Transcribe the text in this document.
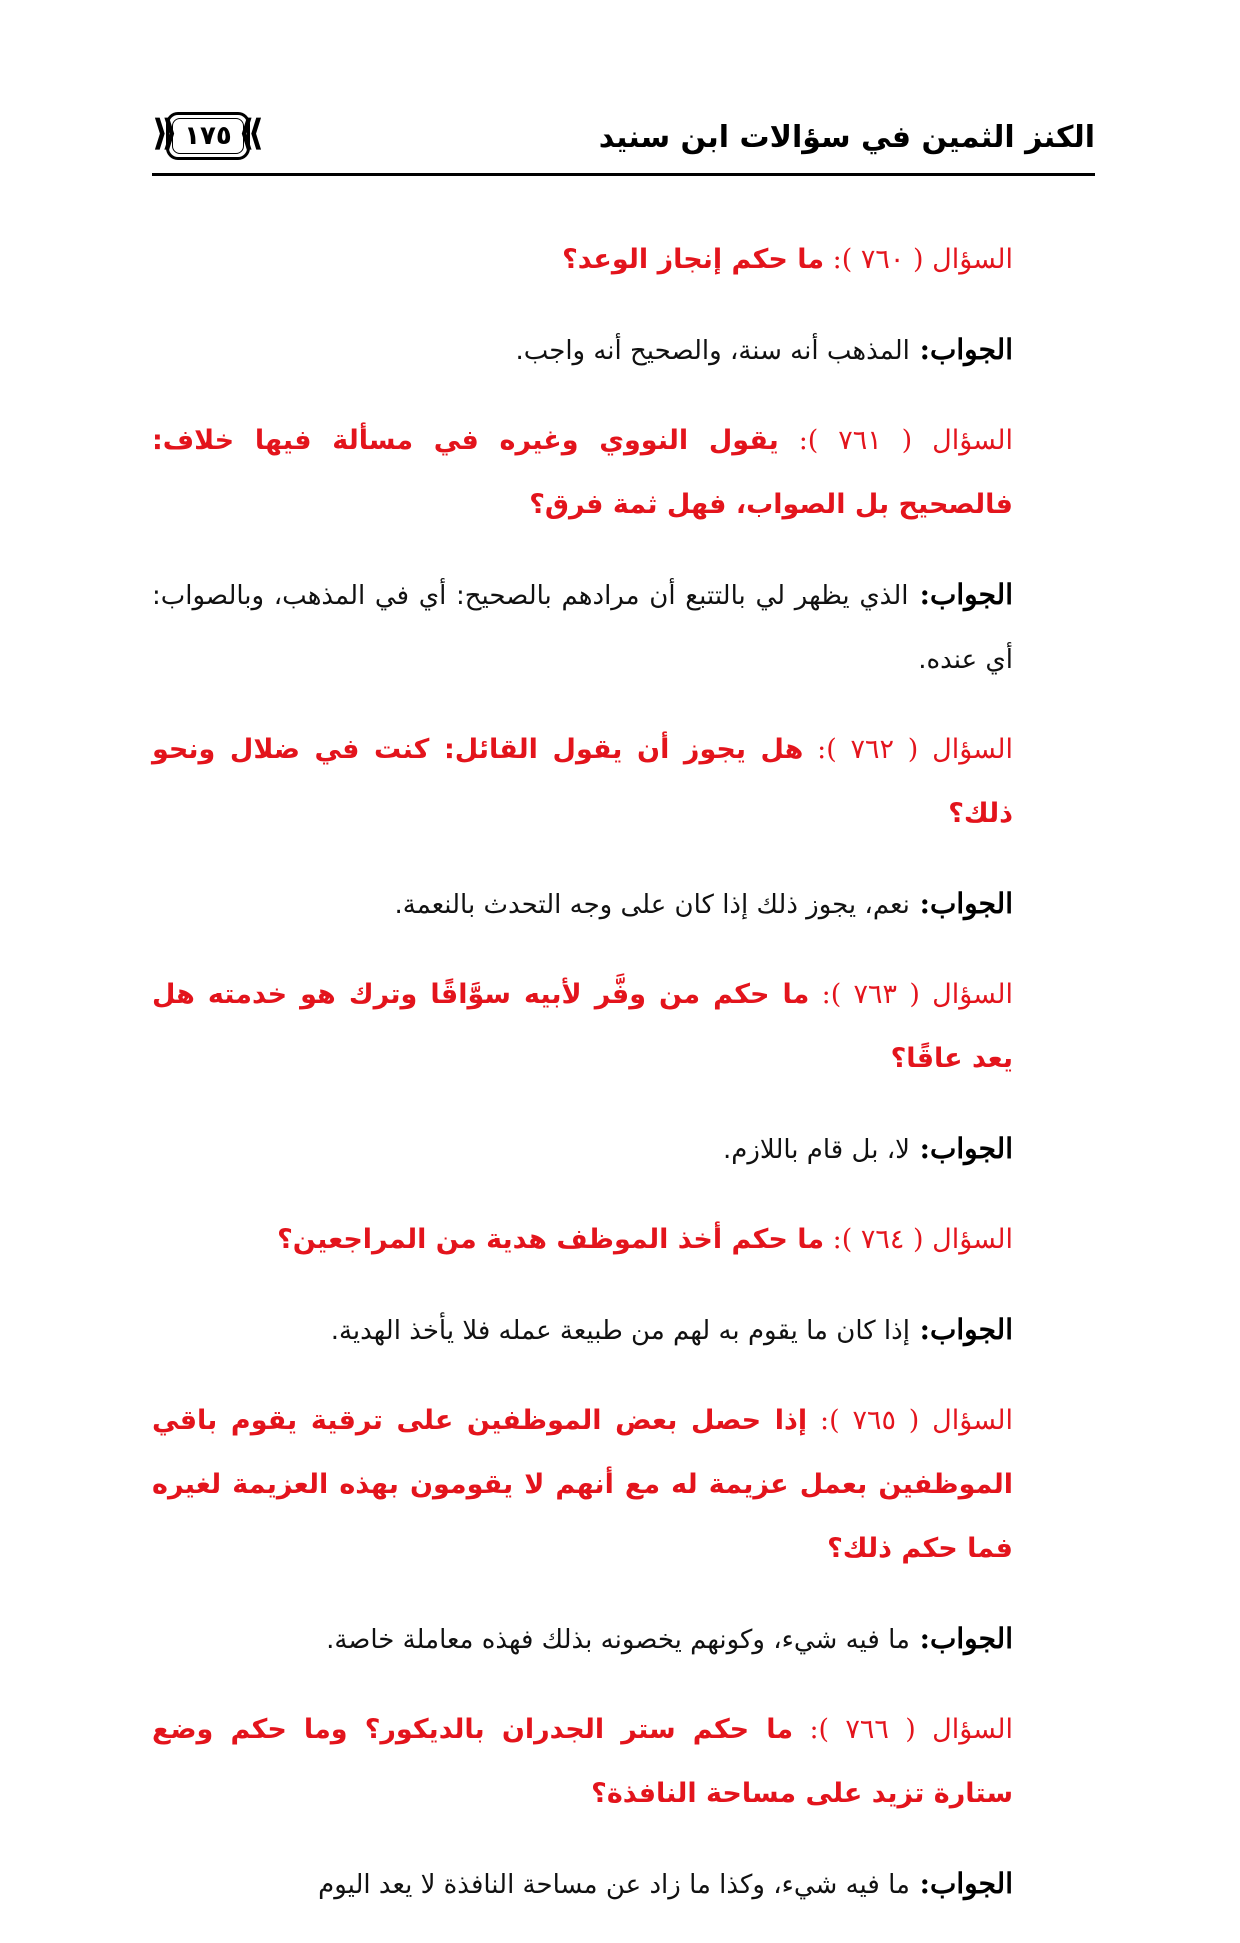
الكنز الثمين في سؤالات ابن سنيد
⟪ ⟫
١٧٥

السؤال ( ٧٦٠ ): ما حكم إنجاز الوعد؟

الجواب: المذهب أنه سنة، والصحيح أنه واجب.

السؤال ( ٧٦١ ): يقول النووي وغيره في مسألة فيها خلاف: فالصحيح بل الصواب، فهل ثمة فرق؟

الجواب: الذي يظهر لي بالتتبع أن مرادهم بالصحيح: أي في المذهب، وبالصواب: أي عنده.

السؤال ( ٧٦٢ ): هل يجوز أن يقول القائل: كنت في ضلال ونحو ذلك؟

الجواب: نعم، يجوز ذلك إذا كان على وجه التحدث بالنعمة.

السؤال ( ٧٦٣ ): ما حكم من وفَّر لأبيه سوَّاقًا وترك هو خدمته هل يعد عاقًا؟

الجواب: لا، بل قام باللازم.

السؤال ( ٧٦٤ ): ما حكم أخذ الموظف هدية من المراجعين؟

الجواب: إذا كان ما يقوم به لهم من طبيعة عمله فلا يأخذ الهدية.

السؤال ( ٧٦٥ ): إذا حصل بعض الموظفين على ترقية يقوم باقي الموظفين بعمل عزيمة له مع أنهم لا يقومون بهذه العزيمة لغيره فما حكم ذلك؟

الجواب: ما فيه شيء، وكونهم يخصونه بذلك فهذه معاملة خاصة.

السؤال ( ٧٦٦ ): ما حكم ستر الجدران بالديكور؟ وما حكم وضع ستارة تزيد على مساحة النافذة؟

الجواب: ما فيه شيء، وكذا ما زاد عن مساحة النافذة لا يعد اليوم
